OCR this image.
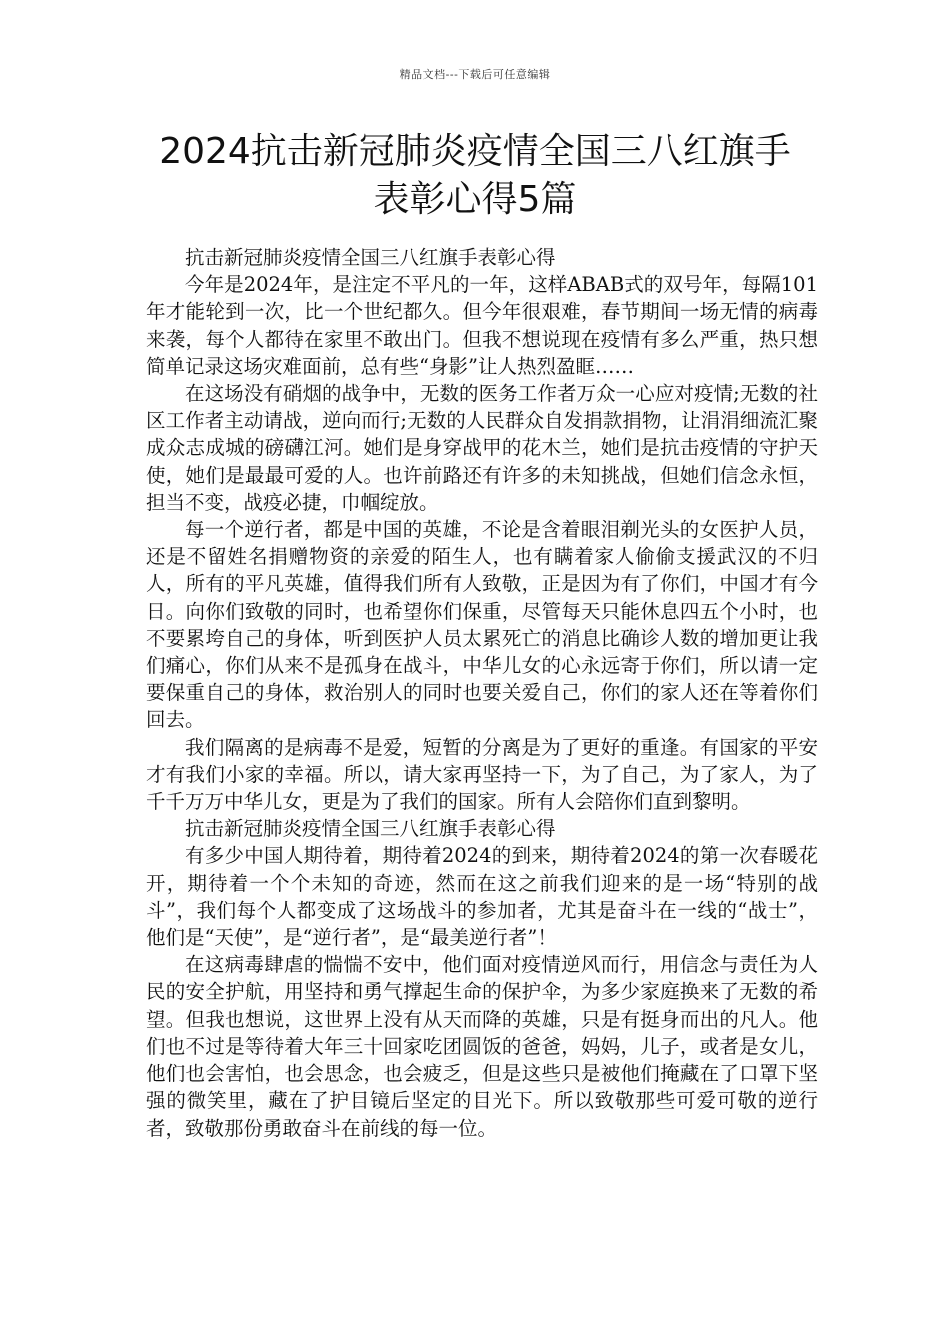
精品文档---下载后可任意编辑
2024抗击新冠肺炎疫情全国三八红旗手
表彰心得5篇

抗击新冠肺炎疫情全国三八红旗手表彰心得

今年是2024年，是注定不平凡的一年，这样ABAB式的双号年，每隔101年才能轮到一次，比一个世纪都久。但今年很艰难，春节期间一场无情的病毒来袭，每个人都待在家里不敢出门。但我不想说现在疫情有多么严重，热只想简单记录这场灾难面前，总有些“身影”让人热烈盈眶……

在这场没有硝烟的战争中，无数的医务工作者万众一心应对疫情;无数的社区工作者主动请战，逆向而行;无数的人民群众自发捐款捐物，让涓涓细流汇聚成众志成城的磅礴江河。她们是身穿战甲的花木兰，她们是抗击疫情的守护天使，她们是最最可爱的人。也许前路还有许多的未知挑战，但她们信念永恒，担当不变，战疫必捷，巾帼绽放。

每一个逆行者，都是中国的英雄，不论是含着眼泪剃光头的女医护人员，还是不留姓名捐赠物资的亲爱的陌生人，也有瞒着家人偷偷支援武汉的不归人，所有的平凡英雄，值得我们所有人致敬，正是因为有了你们，中国才有今日。向你们致敬的同时，也希望你们保重，尽管每天只能休息四五个小时，也不要累垮自己的身体，听到医护人员太累死亡的消息比确诊人数的增加更让我们痛心，你们从来不是孤身在战斗，中华儿女的心永远寄于你们，所以请一定要保重自己的身体，救治别人的同时也要关爱自己，你们的家人还在等着你们回去。

我们隔离的是病毒不是爱，短暂的分离是为了更好的重逢。有国家的平安才有我们小家的幸福。所以，请大家再坚持一下，为了自己，为了家人，为了千千万万中华儿女，更是为了我们的国家。所有人会陪你们直到黎明。

抗击新冠肺炎疫情全国三八红旗手表彰心得

有多少中国人期待着，期待着2024的到来，期待着2024的第一次春暖花开，期待着一个个未知的奇迹，然而在这之前我们迎来的是一场“特别的战斗”，我们每个人都变成了这场战斗的参加者，尤其是奋斗在一线的“战士”，他们是“天使”，是“逆行者”，是“最美逆行者”！

在这病毒肆虐的惴惴不安中，他们面对疫情逆风而行，用信念与责任为人民的安全护航，用坚持和勇气撑起生命的保护伞，为多少家庭换来了无数的希望。但我也想说，这世界上没有从天而降的英雄，只是有挺身而出的凡人。他们也不过是等待着大年三十回家吃团圆饭的爸爸，妈妈，儿子，或者是女儿，他们也会害怕，也会思念，也会疲乏，但是这些只是被他们掩藏在了口罩下坚强的微笑里，藏在了护目镜后坚定的目光下。所以致敬那些可爱可敬的逆行者，致敬那份勇敢奋斗在前线的每一位。
